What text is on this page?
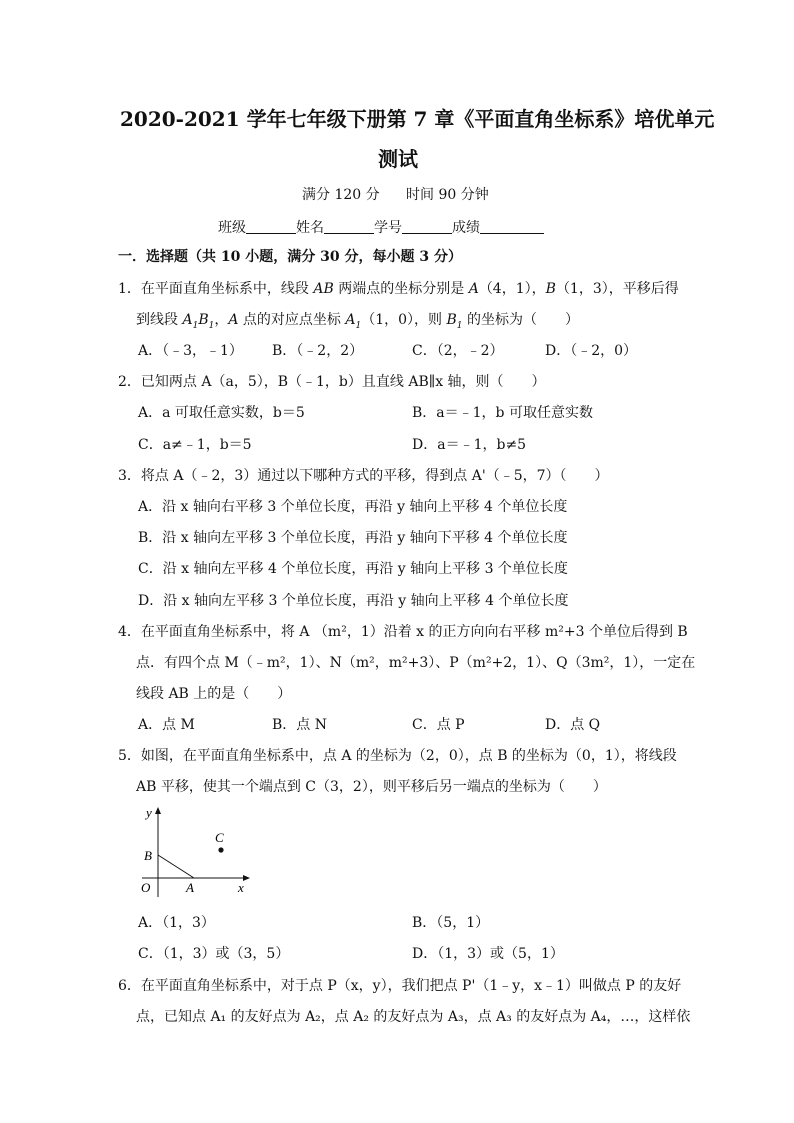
2020-2021 学年七年级下册第 7 章《平面直角坐标系》培优单元
测试
满分 120 分 时间 90 分钟
班级	姓名	学号	成绩
一．选择题（共 10 小题，满分 30 分，每小题 3 分）
1．在平面直角坐标系中，线段 AB 两端点的坐标分别是 A（4，1），B（1，3），平移后得
到线段 $A_1B_1$，A 点的对应点坐标 $A_1(1$，0），则 $B_1$ 的坐标为（　　）
A．（﹣3，﹣1） B．（﹣2，2）	C．（2，﹣2）	D．（﹣2，0）
2．已知两点 A（a，5），B（﹣1，b）且直线 AB∥x 轴，则（　　）
A．a 可取任意实数，b＝5	B．a＝﹣1，b 可取任意实数
C．a≠﹣1，b＝5	D．a＝﹣1，b≠5
3．将点 A（﹣2，3）通过以下哪种方式的平移，得到点 A'（﹣5，7）（　　）
A．沿 x 轴向右平移 3 个单位长度，再沿 y 轴向上平移 4 个单位长度
B．沿 x 轴向左平移 3 个单位长度，再沿 y 轴向下平移 4 个单位长度
C．沿 x 轴向左平移 4 个单位长度，再沿 y 轴向上平移 3 个单位长度
D．沿 x 轴向左平移 3 个单位长度，再沿 y 轴向上平移 4 个单位长度
4．在平面直角坐标系中，将 A （m²，1）沿着 x 的正方向向右平移 m²+3 个单位后得到 B
点．有四个点 M（﹣m²，1）、N（m²，m²+3）、P（m²+2，1）、Q（3m²，1），一定在
线段 AB 上的是（　　）
A．点 M	B．点 N	C．点 P	D．点 Q
5．如图，在平面直角坐标系中，点 A 的坐标为（2，0），点 B 的坐标为（0，1），将线段
AB 平移，使其一个端点到 C（3，2），则平移后另一端点的坐标为（　　）
y
x
O	A
B
C
A．（1，3）	B．（5，1）
C．（1，3）或（3，5）	D．（1，3）或（5，1）
6．在平面直角坐标系中，对于点 P（x，y），我们把点 P'（1﹣y，x﹣1）叫做点 P 的友好
点，已知点 A₁ 的友好点为 A₂，点 A₂ 的友好点为 A₃，点 A₃ 的友好点为 A₄，…，这样依
